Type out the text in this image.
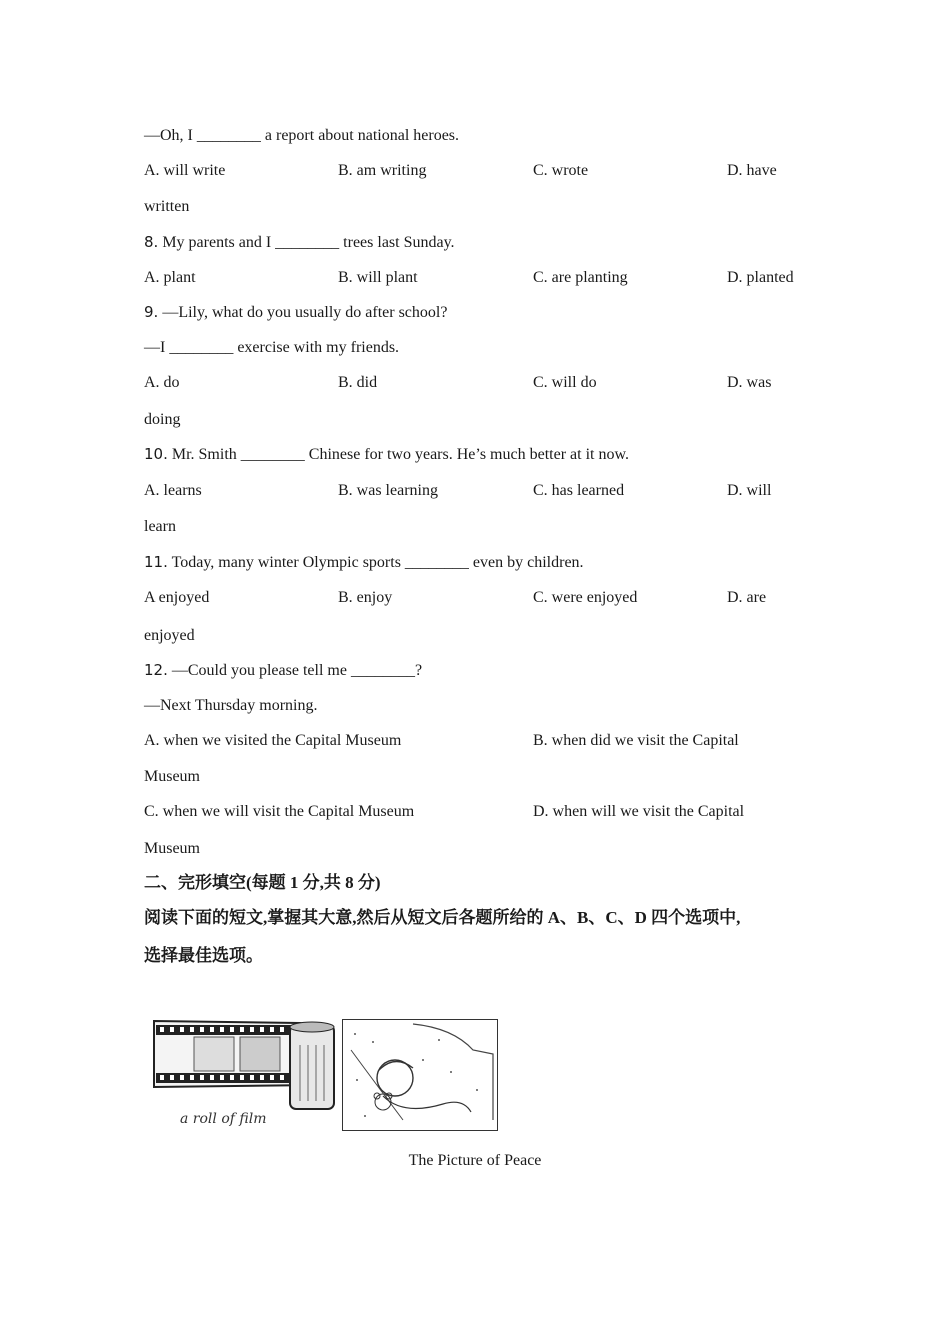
—Oh, I ________ a report about national heroes.
A. will write	B. am writing	C. wrote	D. have
written
8. My parents and I ________ trees last Sunday.
A. plant	B. will plant	C. are planting	D. planted
9. —Lily, what do you usually do after school?
—I ________ exercise with my friends.
A. do	B. did	C. will do	D. was
doing
10. Mr. Smith ________ Chinese for two years. He’s much better at it now.
A. learns	B. was learning	C. has learned	D. will
learn
11. Today, many winter Olympic sports ________ even by children.
A enjoyed	B. enjoy	C. were enjoyed	D. are
enjoyed
12. —Could you please tell me ________?
—Next Thursday morning.
A. when we visited the Capital Museum	B. when did we visit the Capital
Museum
C. when we will visit the Capital Museum	D. when will we visit the Capital
Museum
二、完形填空(每题 1 分,共 8 分)
阅读下面的短文,掌握其大意,然后从短文后各题所给的 A、B、C、D 四个选项中,
选择最佳选项。
a roll of film
The Picture of Peace
